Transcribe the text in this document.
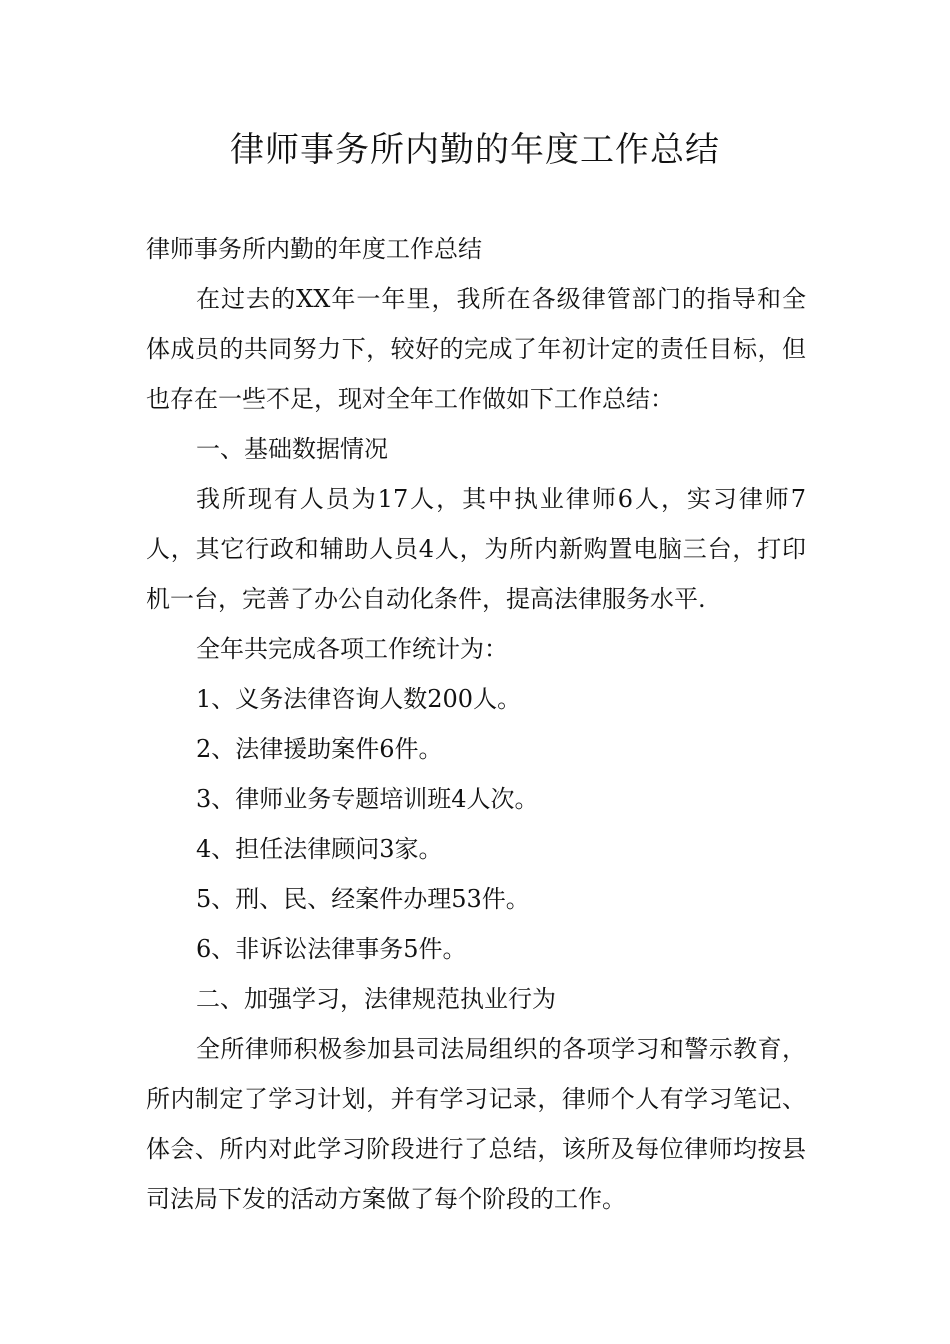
律师事务所内勤的年度工作总结

律师事务所内勤的年度工作总结

在过去的XX年一年里，我所在各级律管部门的指导和全体成员的共同努力下，较好的完成了年初计定的责任目标，但也存在一些不足，现对全年工作做如下工作总结：

一、基础数据情况

我所现有人员为17人，其中执业律师6人，实习律师7人，其它行政和辅助人员4人，为所内新购置电脑三台，打印机一台，完善了办公自动化条件，提高法律服务水平.

全年共完成各项工作统计为：

1、义务法律咨询人数200人。

2、法律援助案件6件。

3、律师业务专题培训班4人次。

4、担任法律顾问3家。

5、刑、民、经案件办理53件。

6、非诉讼法律事务5件。

二、加强学习，法律规范执业行为

全所律师积极参加县司法局组织的各项学习和警示教育，所内制定了学习计划，并有学习记录，律师个人有学习笔记、体会、所内对此学习阶段进行了总结，该所及每位律师均按县司法局下发的活动方案做了每个阶段的工作。
